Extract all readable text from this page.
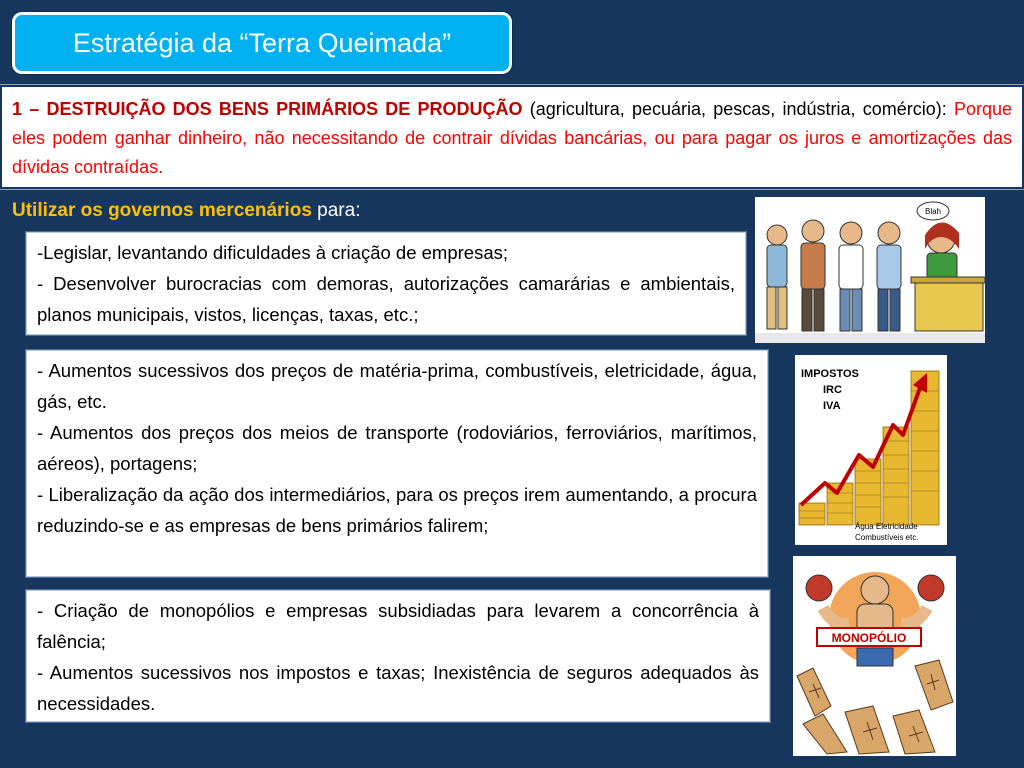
Estratégia da “Terra Queimada”
1 – DESTRUIÇÃO DOS BENS PRIMÁRIOS DE PRODUÇÃO (agricultura, pecuária, pescas, indústria, comércio): Porque eles podem ganhar dinheiro, não necessitando de contrair dívidas bancárias, ou para pagar os juros e amortizações das dívidas contraídas.
Utilizar os governos mercenários para:
-Legislar, levantando dificuldades à criação de empresas;
- Desenvolver burocracias com demoras, autorizações camarárias e ambientais, planos municipais, vistos, licenças, taxas, etc.;
- Aumentos sucessivos dos preços de matéria-prima, combustíveis, eletricidade, água, gás, etc.
- Aumentos dos preços dos meios de transporte (rodoviários, ferroviários, marítimos, aéreos), portagens;
- Liberalização da ação dos intermediários, para os preços irem aumentando, a procura reduzindo-se e as empresas de bens primários falirem;
- Criação de monopólios e empresas subsidiadas para levarem a concorrência à falência;
- Aumentos sucessivos nos impostos e taxas; Inexistência de seguros adequados às necessidades.
Blah
IMPOSTOS
IRC
IVA
Água Eletricidade
Combustíveis etc.
MONOPÓLIO
